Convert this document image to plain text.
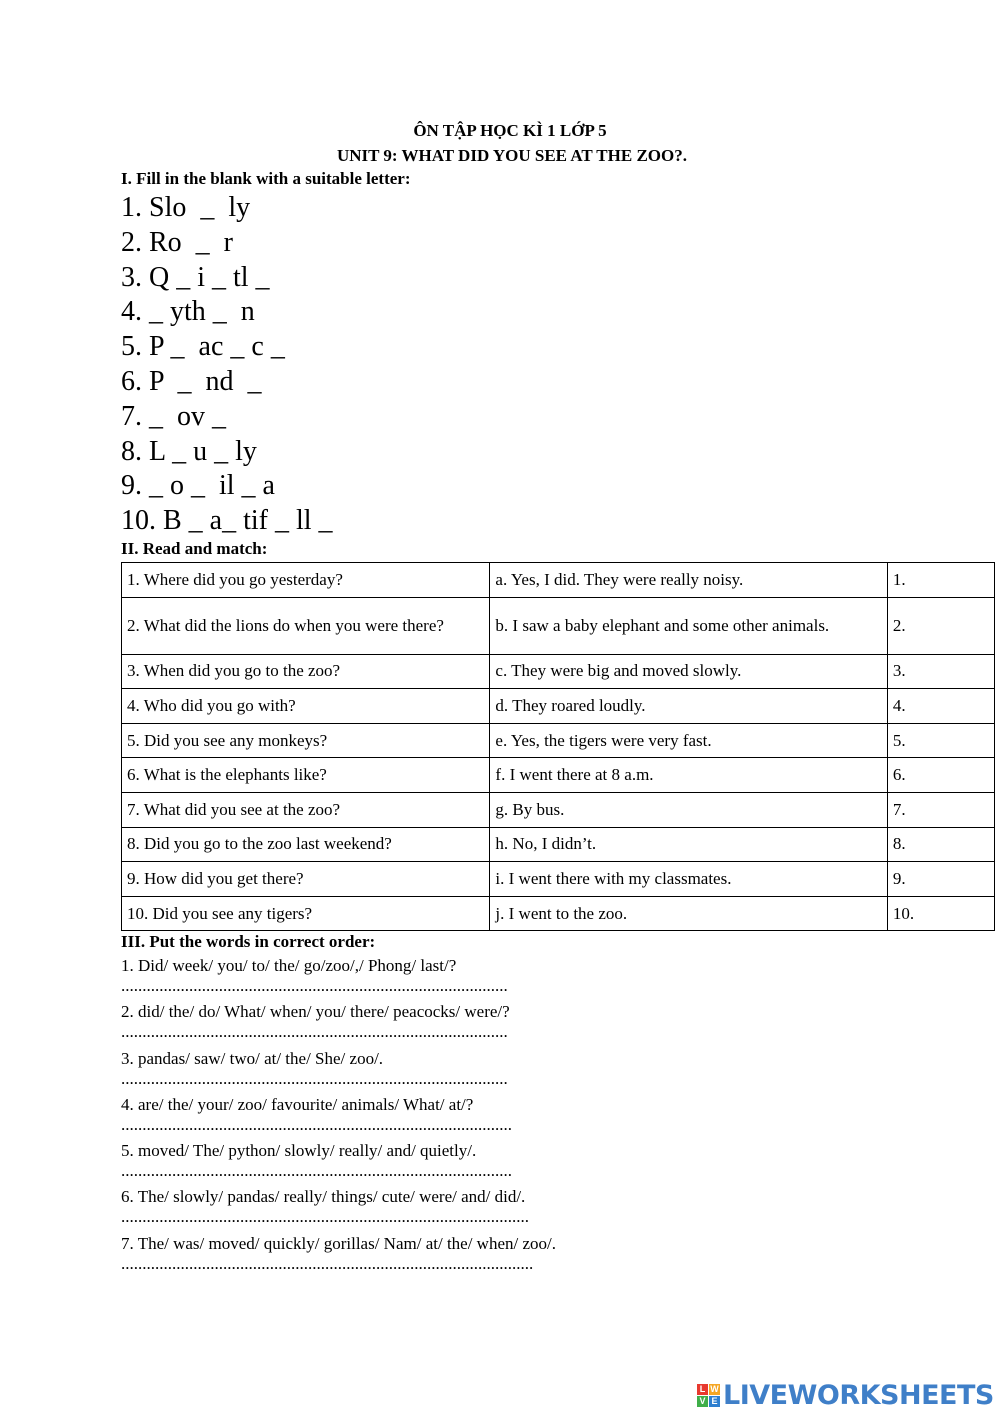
ÔN TẬP HỌC KÌ 1 LỚP 5
UNIT 9: WHAT DID YOU SEE AT THE ZOO?.
I. Fill in the blank with a suitable letter:
1. Slo  _  ly
2. Ro  _  r
3. Q _ i _ tl _
4. _ yth _  n
5. P _  ac _ c _
6. P  _  nd  _
7. _  ov _
8. L _ u _ ly
9. _ o _  il _ a
10. B _ a_ tif _ ll _
II. Read and match:
1. Where did you go yesterday?	a. Yes, I did. They were really noisy.	1.
2. What did the lions do when you were there?	b. I saw a baby elephant and some other animals.	2.
3. When did you go to the zoo?	c. They were big and moved slowly.	3.
4. Who did you go with?	d. They roared loudly.	4.
5. Did you see any monkeys?	e. Yes, the tigers were very fast.	5.
6. What is the elephants like?	f. I went there at 8 a.m.	6.
7. What did you see at the zoo?	g. By bus.	7.
8. Did you go to the zoo last weekend?	h. No, I didn’t.	8.
9. How did you get there?	i. I went there with my classmates.	9.
10. Did you see any tigers?	j. I went to the zoo.	10.
III. Put the words in correct order:
1. Did/ week/ you/ to/ the/ go/zoo/,/ Phong/ last/?
...........................................................................................
2. did/ the/ do/ What/ when/ you/ there/ peacocks/ were/?
...........................................................................................
3. pandas/ saw/ two/ at/ the/ She/ zoo/.
...........................................................................................
4. are/ the/ your/ zoo/ favourite/ animals/ What/ at/?
............................................................................................
5. moved/ The/ python/ slowly/ really/ and/ quietly/.
............................................................................................
6. The/ slowly/ pandas/ really/ things/ cute/ were/ and/ did/.
................................................................................................
7. The/ was/ moved/ quickly/ gorillas/ Nam/ at/ the/ when/ zoo/.
.................................................................................................
L W
V E LIVEWORKSHEETS
